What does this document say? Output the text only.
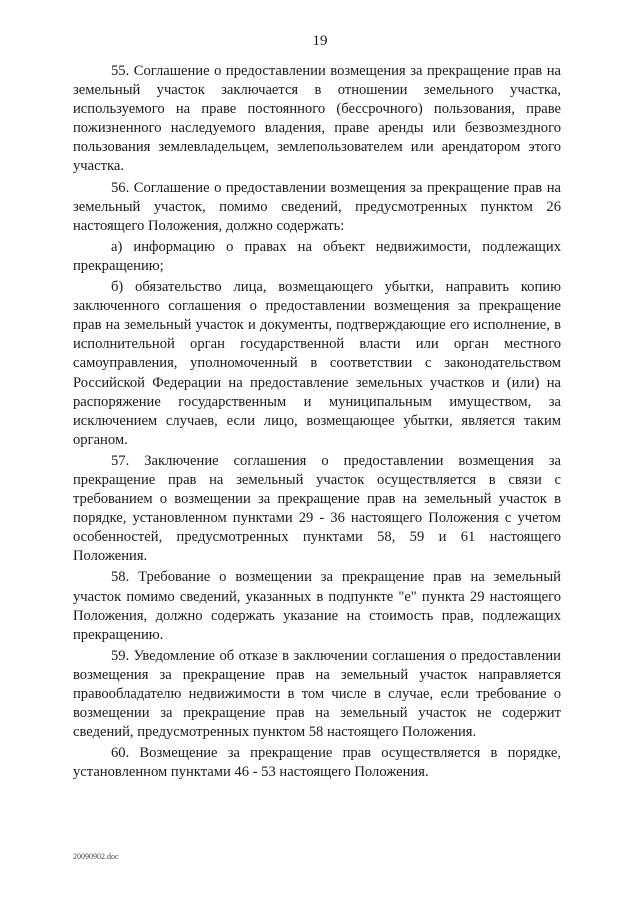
19

55. Соглашение о предоставлении возмещения за прекращение прав на земельный участок заключается в отношении земельного участка, используемого на праве постоянного (бессрочного) пользования, праве пожизненного наследуемого владения, праве аренды или безвозмездного пользования землевладельцем, землепользователем или арендатором этого участка.

56. Соглашение о предоставлении возмещения за прекращение прав на земельный участок, помимо сведений, предусмотренных пунктом 26 настоящего Положения, должно содержать:

а) информацию о правах на объект недвижимости, подлежащих прекращению;

б) обязательство лица, возмещающего убытки, направить копию заключенного соглашения о предоставлении возмещения за прекращение прав на земельный участок и документы, подтверждающие его исполнение, в исполнительной орган государственной власти или орган местного самоуправления, уполномоченный в соответствии с законодательством Российской Федерации на предоставление земельных участков и (или) на распоряжение государственным и муниципальным имуществом, за исключением случаев, если лицо, возмещающее убытки, является таким органом.

57. Заключение соглашения о предоставлении возмещения за прекращение прав на земельный участок осуществляется в связи с требованием о возмещении за прекращение прав на земельный участок в порядке, установленном пунктами 29 - 36 настоящего Положения с учетом особенностей, предусмотренных пунктами 58, 59 и 61 настоящего Положения.

58. Требование о возмещении за прекращение прав на земельный участок помимо сведений, указанных в подпункте "е" пункта 29 настоящего Положения, должно содержать указание на стоимость прав, подлежащих прекращению.

59. Уведомление об отказе в заключении соглашения о предоставлении возмещения за прекращение прав на земельный участок направляется правообладателю недвижимости в том числе в случае, если требование о возмещении за прекращение прав на земельный участок не содержит сведений, предусмотренных пунктом 58 настоящего Положения.

60. Возмещение за прекращение прав осуществляется в порядке, установленном пунктами 46 - 53 настоящего Положения.

20090902.doc
